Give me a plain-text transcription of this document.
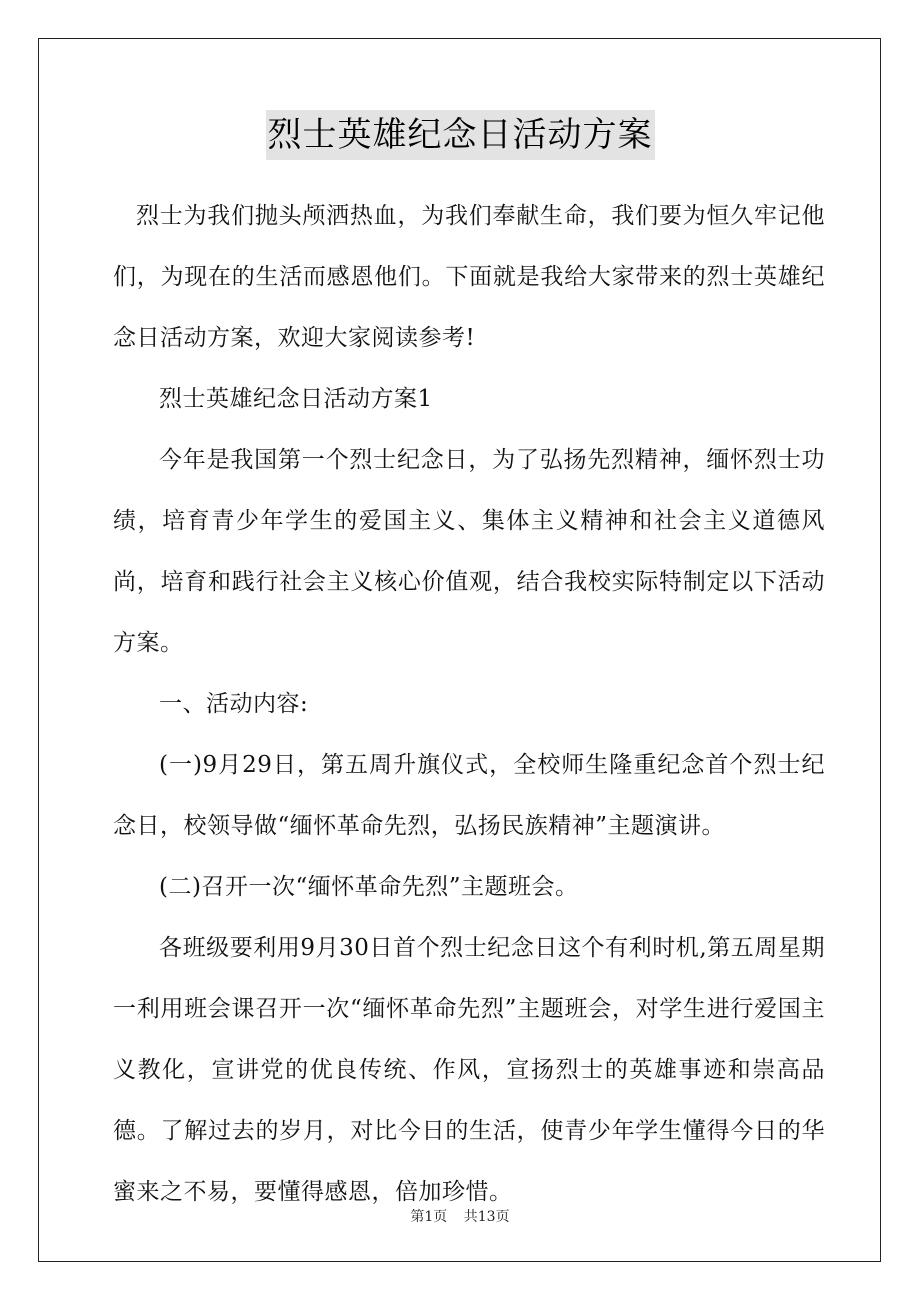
烈士英雄纪念日活动方案

烈士为我们抛头颅洒热血，为我们奉献生命，我们要为恒久牢记他们，为现在的生活而感恩他们。下面就是我给大家带来的烈士英雄纪念日活动方案，欢迎大家阅读参考!

烈士英雄纪念日活动方案1

今年是我国第一个烈士纪念日，为了弘扬先烈精神，缅怀烈士功绩，培育青少年学生的爱国主义、集体主义精神和社会主义道德风尚，培育和践行社会主义核心价值观，结合我校实际特制定以下活动方案。

一、活动内容:

(一)9月29日，第五周升旗仪式，全校师生隆重纪念首个烈士纪念日，校领导做“缅怀革命先烈，弘扬民族精神”主题演讲。

(二)召开一次“缅怀革命先烈”主题班会。

各班级要利用9月30日首个烈士纪念日这个有利时机,第五周星期一利用班会课召开一次“缅怀革命先烈”主题班会，对学生进行爱国主义教化，宣讲党的优良传统、作风，宣扬烈士的英雄事迹和崇高品德。了解过去的岁月，对比今日的生活，使青少年学生懂得今日的华蜜来之不易，要懂得感恩，倍加珍惜。

第1页 共13页
